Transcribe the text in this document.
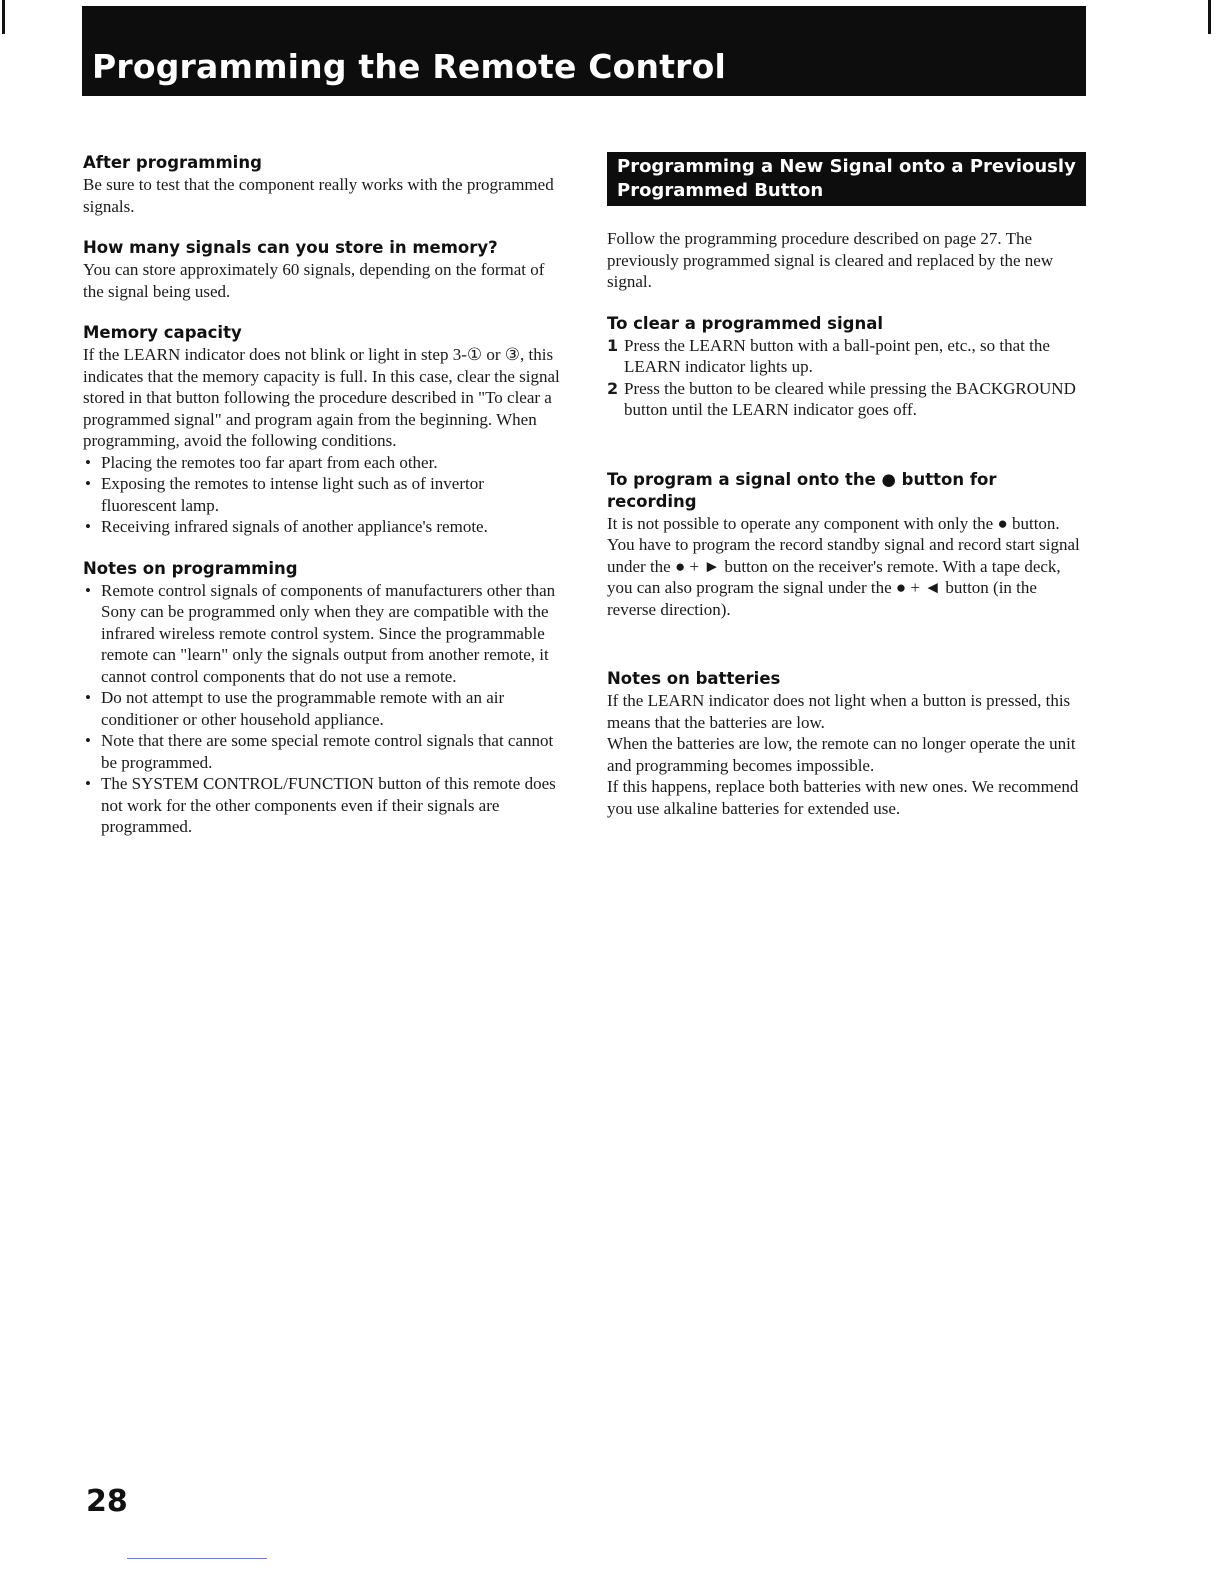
Programming the Remote Control
After programming

Be sure to test that the component really works with the programmed signals.

How many signals can you store in memory?

You can store approximately 60 signals, depending on the format of the signal being used.

Memory capacity

If the LEARN indicator does not blink or light in step 3-① or ③, this indicates that the memory capacity is full. In this case, clear the signal stored in that button following the procedure described in "To clear a programmed signal" and program again from the beginning. When programming, avoid the following conditions.

• Placing the remotes too far apart from each other.
• Exposing the remotes to intense light such as of invertor fluorescent lamp.
• Receiving infrared signals of another appliance's remote.
Notes on programming
• Remote control signals of components of manufacturers other than Sony can be programmed only when they are compatible with the infrared wireless remote control system. Since the programmable remote can "learn" only the signals output from another remote, it cannot control components that do not use a remote.
• Do not attempt to use the programmable remote with an air conditioner or other household appliance.
• Note that there are some special remote control signals that cannot be programmed.
• The SYSTEM CONTROL/FUNCTION button of this remote does not work for the other components even if their signals are programmed.
Programming a New Signal onto a Previously
Programmed Button

Follow the programming procedure described on page 27. The previously programmed signal is cleared and replaced by the new signal.

To clear a programmed signal
1 Press the LEARN button with a ball-point pen, etc., so that the LEARN indicator lights up.
2 Press the button to be cleared while pressing the BACKGROUND button until the LEARN indicator goes off.
To program a signal onto the ● button for recording

It is not possible to operate any component with only the ● button. You have to program the record standby signal and record start signal under the ● + ► button on the receiver's remote. With a tape deck, you can also program the signal under the ● + ◄ button (in the reverse direction).

Notes on batteries

If the LEARN indicator does not light when a button is pressed, this means that the batteries are low.

When the batteries are low, the remote can no longer operate the unit and programming becomes impossible.

If this happens, replace both batteries with new ones. We recommend you use alkaline batteries for extended use.

28
